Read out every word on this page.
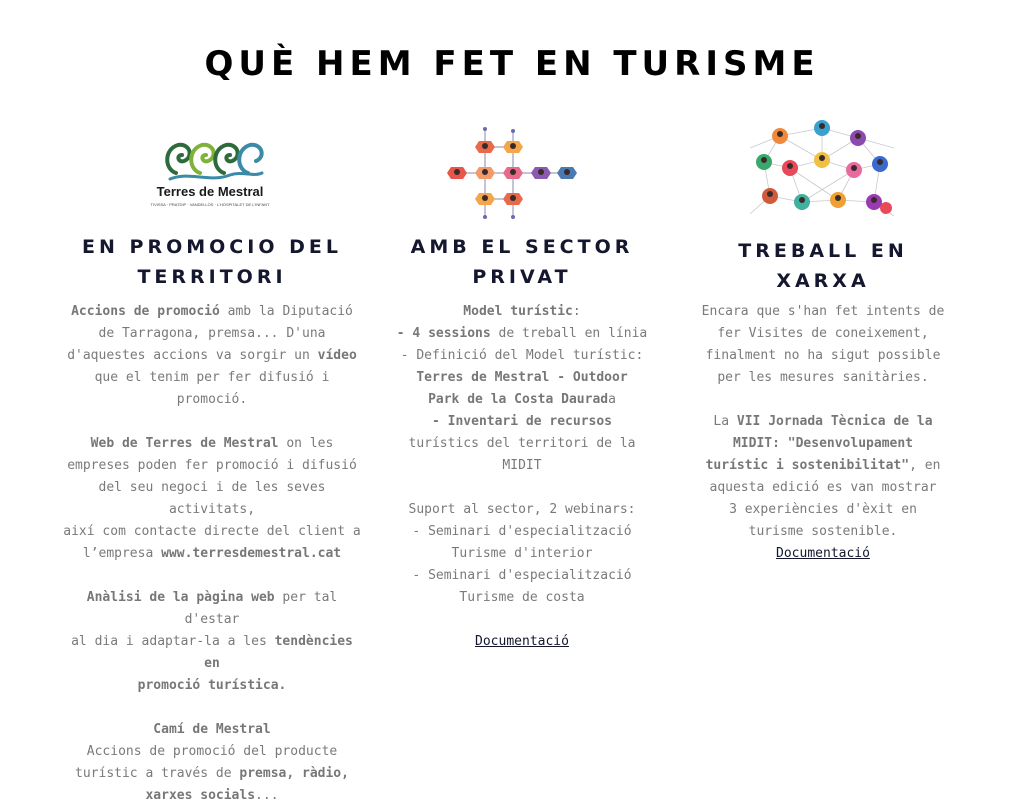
QUÈ HEM FET EN TURISME
Terres de Mestral
TIVISSA · PRATDIP · VANDELLÒS · L'HOSPITALET DE L'INFANT
EN PROMOCIO DEL
TERRITORI

Accions de promoció amb la Diputació

de Tarragona, premsa... D'una

d'aquestes accions va sorgir un vídeo

que el tenim per fer difusió i promoció.

Web de Terres de Mestral on les

empreses poden fer promoció i difusió

del seu negoci i de les seves activitats,

així com contacte directe del client a

l’empresa www.terresdemestral.cat

Anàlisi de la pàgina web per tal d'estar

al dia i adaptar-la a les tendències en

promoció turística.

Camí de Mestral

Accions de promoció del producte

turístic a través de premsa, ràdio,

xarxes socials...

AMB EL SECTOR
PRIVAT

Model turístic:

- 4 sessions de treball en línia

- Definició del Model turístic:

Terres de Mestral - Outdoor

Park de la Costa Daurada

- Inventari de recursos

turístics del territori de la

MIDIT

Suport al sector, 2 webinars:

- Seminari d'especialització

Turisme d'interior

- Seminari d'especialització

Turisme de costa

Documentació

TREBALL EN
XARXA

Encara que s'han fet intents de

fer Visites de coneixement,

finalment no ha sigut possible

per les mesures sanitàries.

La VII Jornada Tècnica de la

MIDIT: "Desenvolupament

turístic i sostenibilitat", en

aquesta edició es van mostrar

3 experiències d'èxit en

turisme sostenible.

Documentació
